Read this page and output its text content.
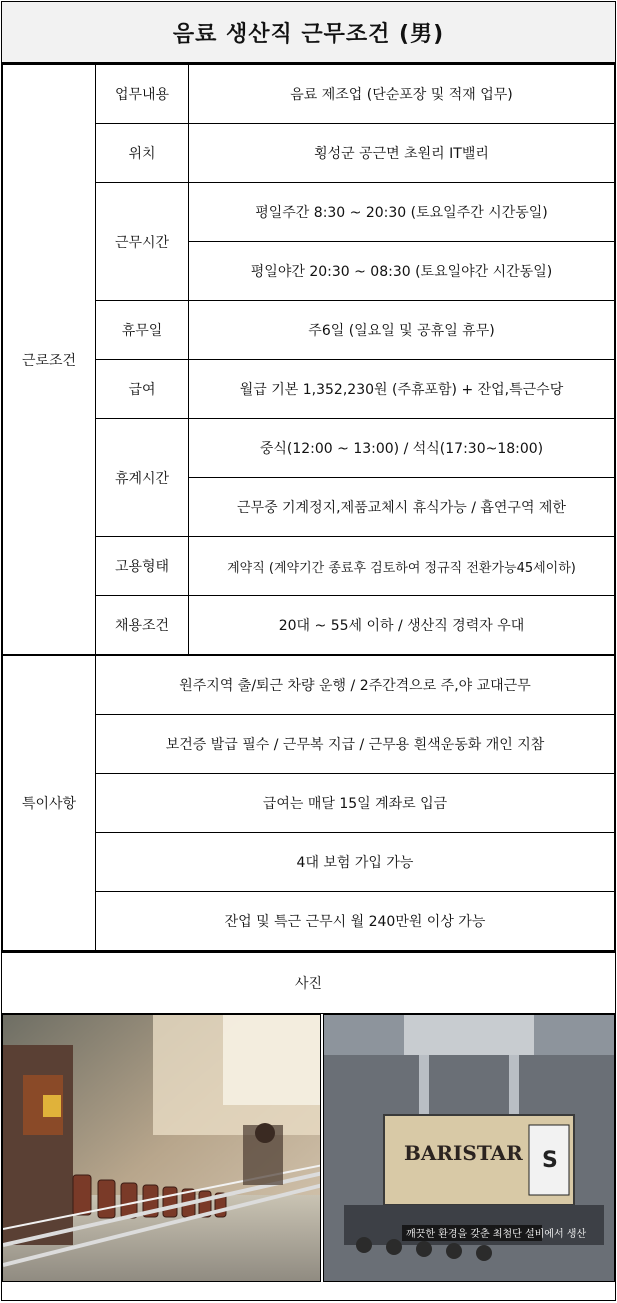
음료 생산직 근무조건 (男)
근로조건	업무내용	음료 제조업 (단순포장 및 적재 업무)
	위치	횡성군 공근면 초원리 IT밸리
	근무시간	평일주간 8:30 ~ 20:30 (토요일주간 시간동일)
		평일야간 20:30 ~ 08:30 (토요일야간 시간동일)
	휴무일	주6일 (일요일 및 공휴일 휴무)
	급여	월급 기본 1,352,230원 (주휴포함) + 잔업,특근수당
	휴계시간	중식(12:00 ~ 13:00) / 석식(17:30~18:00)
		근무중 기계정지,제품교체시 휴식가능 / 흡연구역 제한
	고용형태	계약직 (계약기간 종료후 검토하여 정규직 전환가능45세이하)
	채용조건	20대 ~ 55세 이하 / 생산직 경력자 우대
특이사항	원주지역 출/퇴근 차량 운행 / 2주간격으로 주,야 교대근무	
	보건증 발급 필수 / 근무복 지급 / 근무용 흰색운동화 개인 지참	
	급여는 매달 15일 계좌로 입금	
	4대 보험 가입 가능	
	잔업 및 특근 근무시 월 240만원 이상 가능	
사진
BARISTAR S
깨끗한 환경을 갖춘 최첨단 설비에서 생산
